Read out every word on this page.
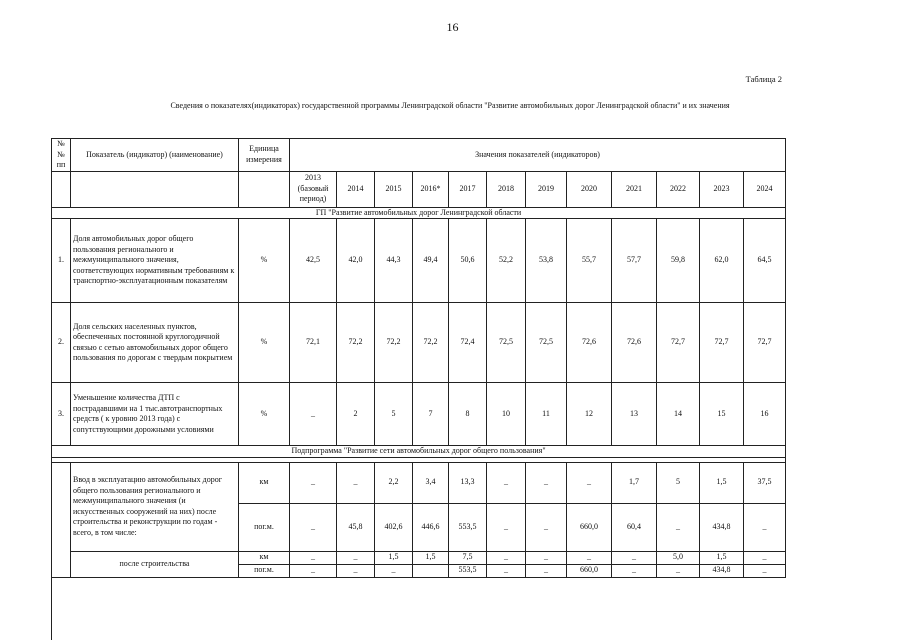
16
Таблица 2
Сведения о показателях(индикаторах) государственной программы Ленинградской области "Развитие автомобильных дорог Ленинградской области" и их значения
№№ пп	Показатель (индикатор) (наименование)	Единица измерения	Значения показателей (индикаторов)											
			2013 (базовый период)	2014	2015	2016*	2017	2018	2019	2020	2021	2022	2023	2024
ГП "Развитие автомобильных дорог Ленинградской области														
1.	Доля автомобильных дорог общего пользования регионального и межмуниципального значения, соответствующих нормативным требованиям к транспортно-эксплуатационным показателям	%	42,5	42,0	44,3	49,4	50,6	52,2	53,8	55,7	57,7	59,8	62,0	64,5
2.	Доля сельских населенных пунктов, обеспеченных постоянной круглогодичной связью с сетью автомобильных дорог общего пользования по дорогам с твердым покрытием	%	72,1	72,2	72,2	72,2	72,4	72,5	72,5	72,6	72,6	72,7	72,7	72,7
3.	Уменьшение количества ДТП с пострадавшими на 1 тыс.автотранспортных средств ( к уровню 2013 года) с сопутствующими дорожными условиями	%	_	2	5	7	8	10	11	12	13	14	15	16
Подпрограмма "Развитие сети автомобильных дорог общего пользования"														

	Ввод в эксплуатацию автомобильных дорог общего пользования регионального и межмуниципального значения (и искусственных сооружений на них) после строительства и реконструкции по годам - всего, в том числе:	км	_	_	2,2	3,4	13,3	_	_	_	1,7	5	1,5	37,5
		пог.м.	_	45,8	402,6	446,6	553,5	_	_	660,0	60,4	_	434,8	_
	после строительства	км	_	_	1,5	1,5	7,5	_	_	_	_	5,0	1,5	_
		пог.м.	_	_	_		553,5	_	_	660,0	_	_	434,8	_
